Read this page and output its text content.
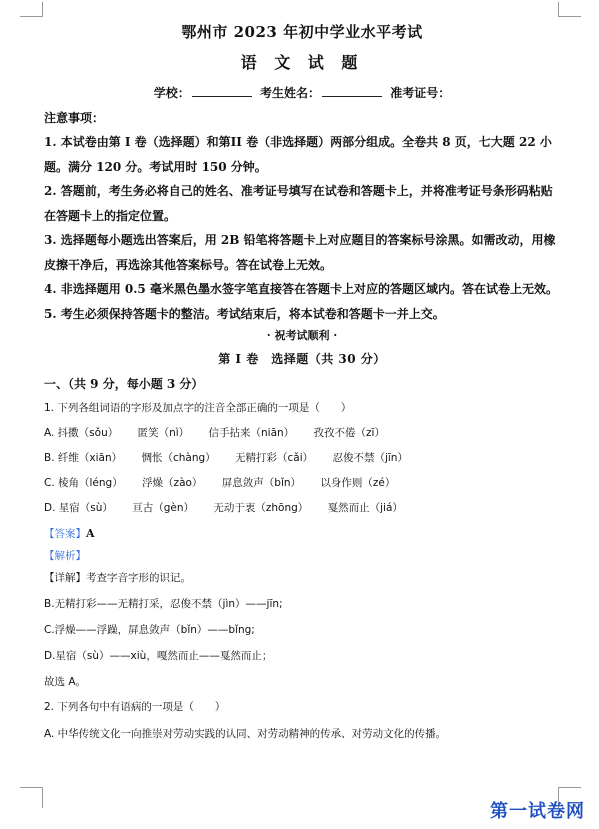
鄂州市 2023 年初中学业水平考试
语 文 试 题
学校：	考生姓名：	准考证号：
注意事项：

1. 本试卷由第 I 卷（选择题）和第II 卷（非选择题）两部分组成。全卷共 8 页，七大题 22 小题。满分 120 分。考试用时 150 分钟。

2. 答题前，考生务必将自己的姓名、准考证号填写在试卷和答题卡上，并将准考证号条形码粘贴在答题卡上的指定位置。

3. 选择题每小题选出答案后，用 2B 铅笔将答题卡上对应题目的答案标号涂黑。如需改动，用橡皮擦干净后，再选涂其他答案标号。答在试卷上无效。

4. 非选择题用 0.5 毫米黑色墨水签字笔直接答在答题卡上对应的答题区域内。答在试卷上无效。

5. 考生必须保持答题卡的整洁。考试结束后，将本试卷和答题卡一并上交。

· 祝考试顺利 ·
第 I 卷　选择题（共 30 分）
一、（共 9 分，每小题 3 分）
1. 下列各组词语的字形及加点字的注音全部正确的一项是（　　）
A. 抖擞（sǒu） 匿笑（nì） 信手拈来（niān） 孜孜不倦（zī）
B. 纤维（xiān） 惆怅（chàng） 无精打彩（cǎi） 忍俊不禁（jīn）
C. 棱角（léng） 浮燥（zào） 屏息敛声（bǐn） 以身作则（zé）
D. 星宿（sù） 亘古（gèn） 无动于衷（zhōng） 戛然而止（jiá）
【答案】A
【解析】
【详解】考查字音字形的识记。
B.无精打彩——无精打采，忍俊不禁（jìn）——jīn;
C.浮燥——浮躁，屏息敛声（bǐn）——bǐng;
D.星宿（sù）——xiù，嘎然而止——戛然而止；
故选 A。
2. 下列各句中有语病的一项是（　　）
A. 中华传统文化一向推崇对劳动实践的认同、对劳动精神的传承、对劳动文化的传播。
第一试卷网
